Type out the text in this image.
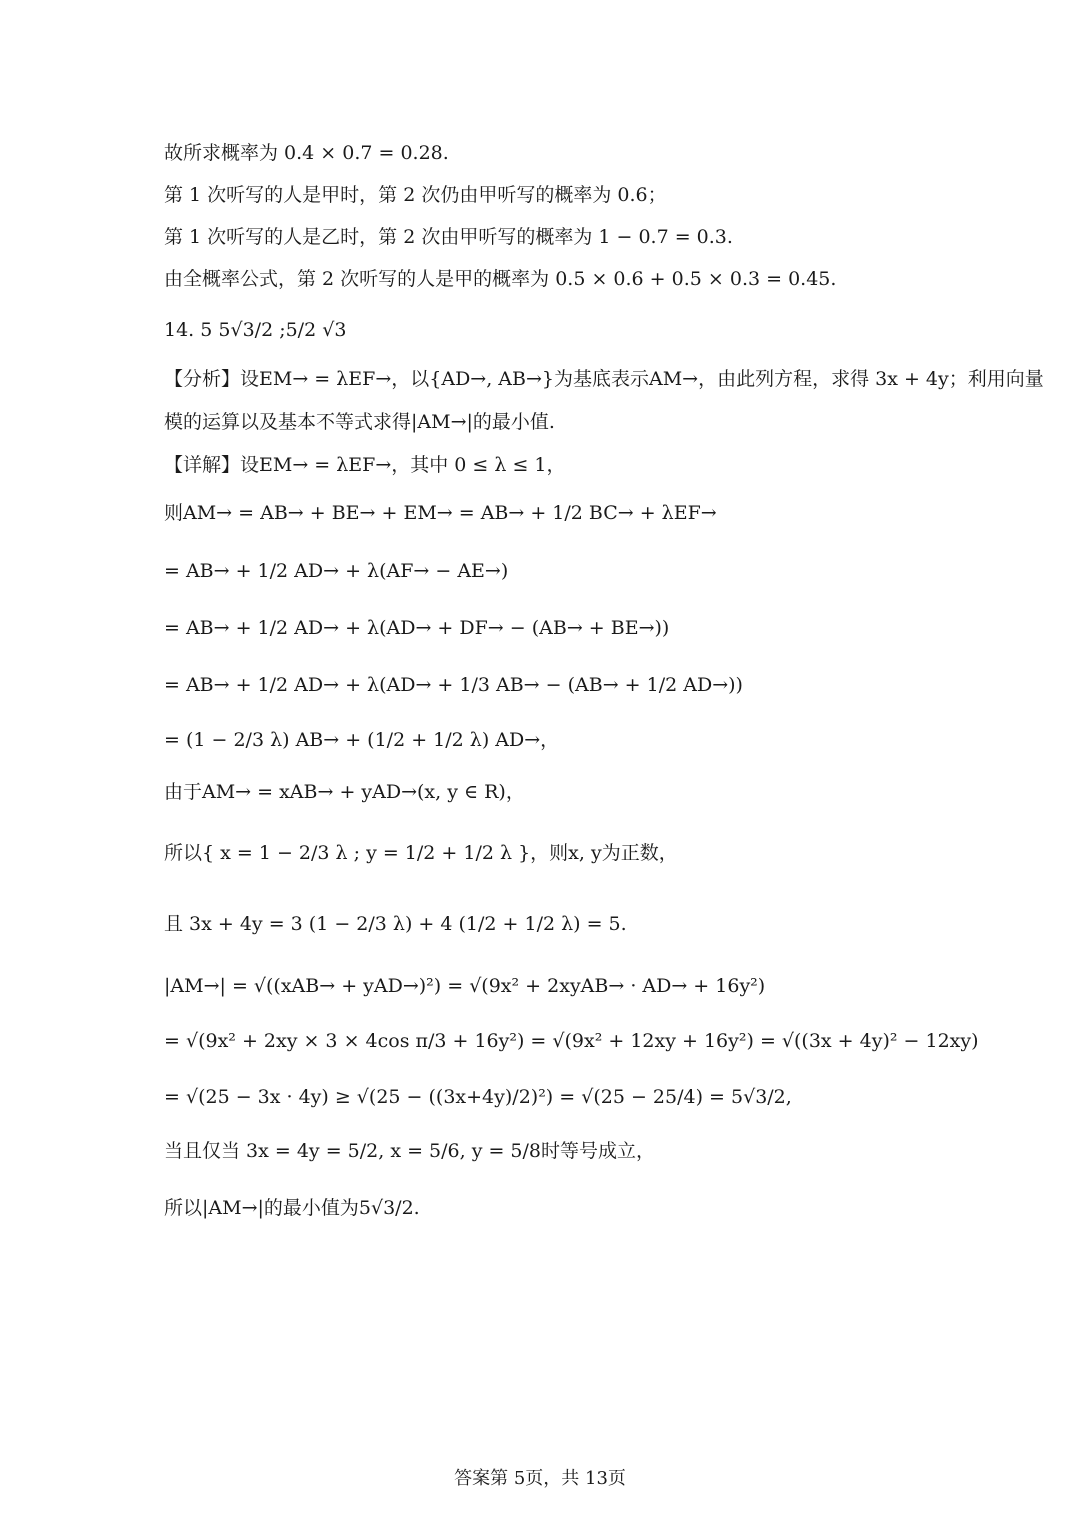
故所求概率为 0.4 × 0.7 = 0.28.
第 1 次听写的人是甲时，第 2 次仍由甲听写的概率为 0.6；
第 1 次听写的人是乙时，第 2 次由甲听写的概率为 1 − 0.7 = 0.3.
由全概率公式，第 2 次听写的人是甲的概率为 0.5 × 0.6 + 0.5 × 0.3 = 0.45.
14. 5 5√3/2 ;5/2 √3
【分析】设EM→ = λEF→，以{AD→, AB→}为基底表示AM→，由此列方程，求得 3x + 4y；利用向量
模的运算以及基本不等式求得|AM→|的最小值.
【详解】设EM→ = λEF→，其中 0 ≤ λ ≤ 1，
则AM→ = AB→ + BE→ + EM→ = AB→ + 1/2 BC→ + λEF→
= AB→ + 1/2 AD→ + λ(AF→ − AE→)
= AB→ + 1/2 AD→ + λ(AD→ + DF→ − (AB→ + BE→))
= AB→ + 1/2 AD→ + λ(AD→ + 1/3 AB→ − (AB→ + 1/2 AD→))
= (1 − 2/3 λ) AB→ + (1/2 + 1/2 λ) AD→，
由于AM→ = xAB→ + yAD→(x, y ∈ R)，
所以{ x = 1 − 2/3 λ ; y = 1/2 + 1/2 λ }，则x, y为正数，
且 3x + 4y = 3 (1 − 2/3 λ) + 4 (1/2 + 1/2 λ) = 5.
|AM→| = √((xAB→ + yAD→)²) = √(9x² + 2xyAB→ · AD→ + 16y²)
= √(9x² + 2xy × 3 × 4cos π/3 + 16y²) = √(9x² + 12xy + 16y²) = √((3x + 4y)² − 12xy)
= √(25 − 3x · 4y) ≥ √(25 − ((3x+4y)/2)²) = √(25 − 25/4) = 5√3/2,
当且仅当 3x = 4y = 5/2, x = 5/6, y = 5/8时等号成立，
所以|AM→|的最小值为5√3/2.
答案第 5页，共 13页
